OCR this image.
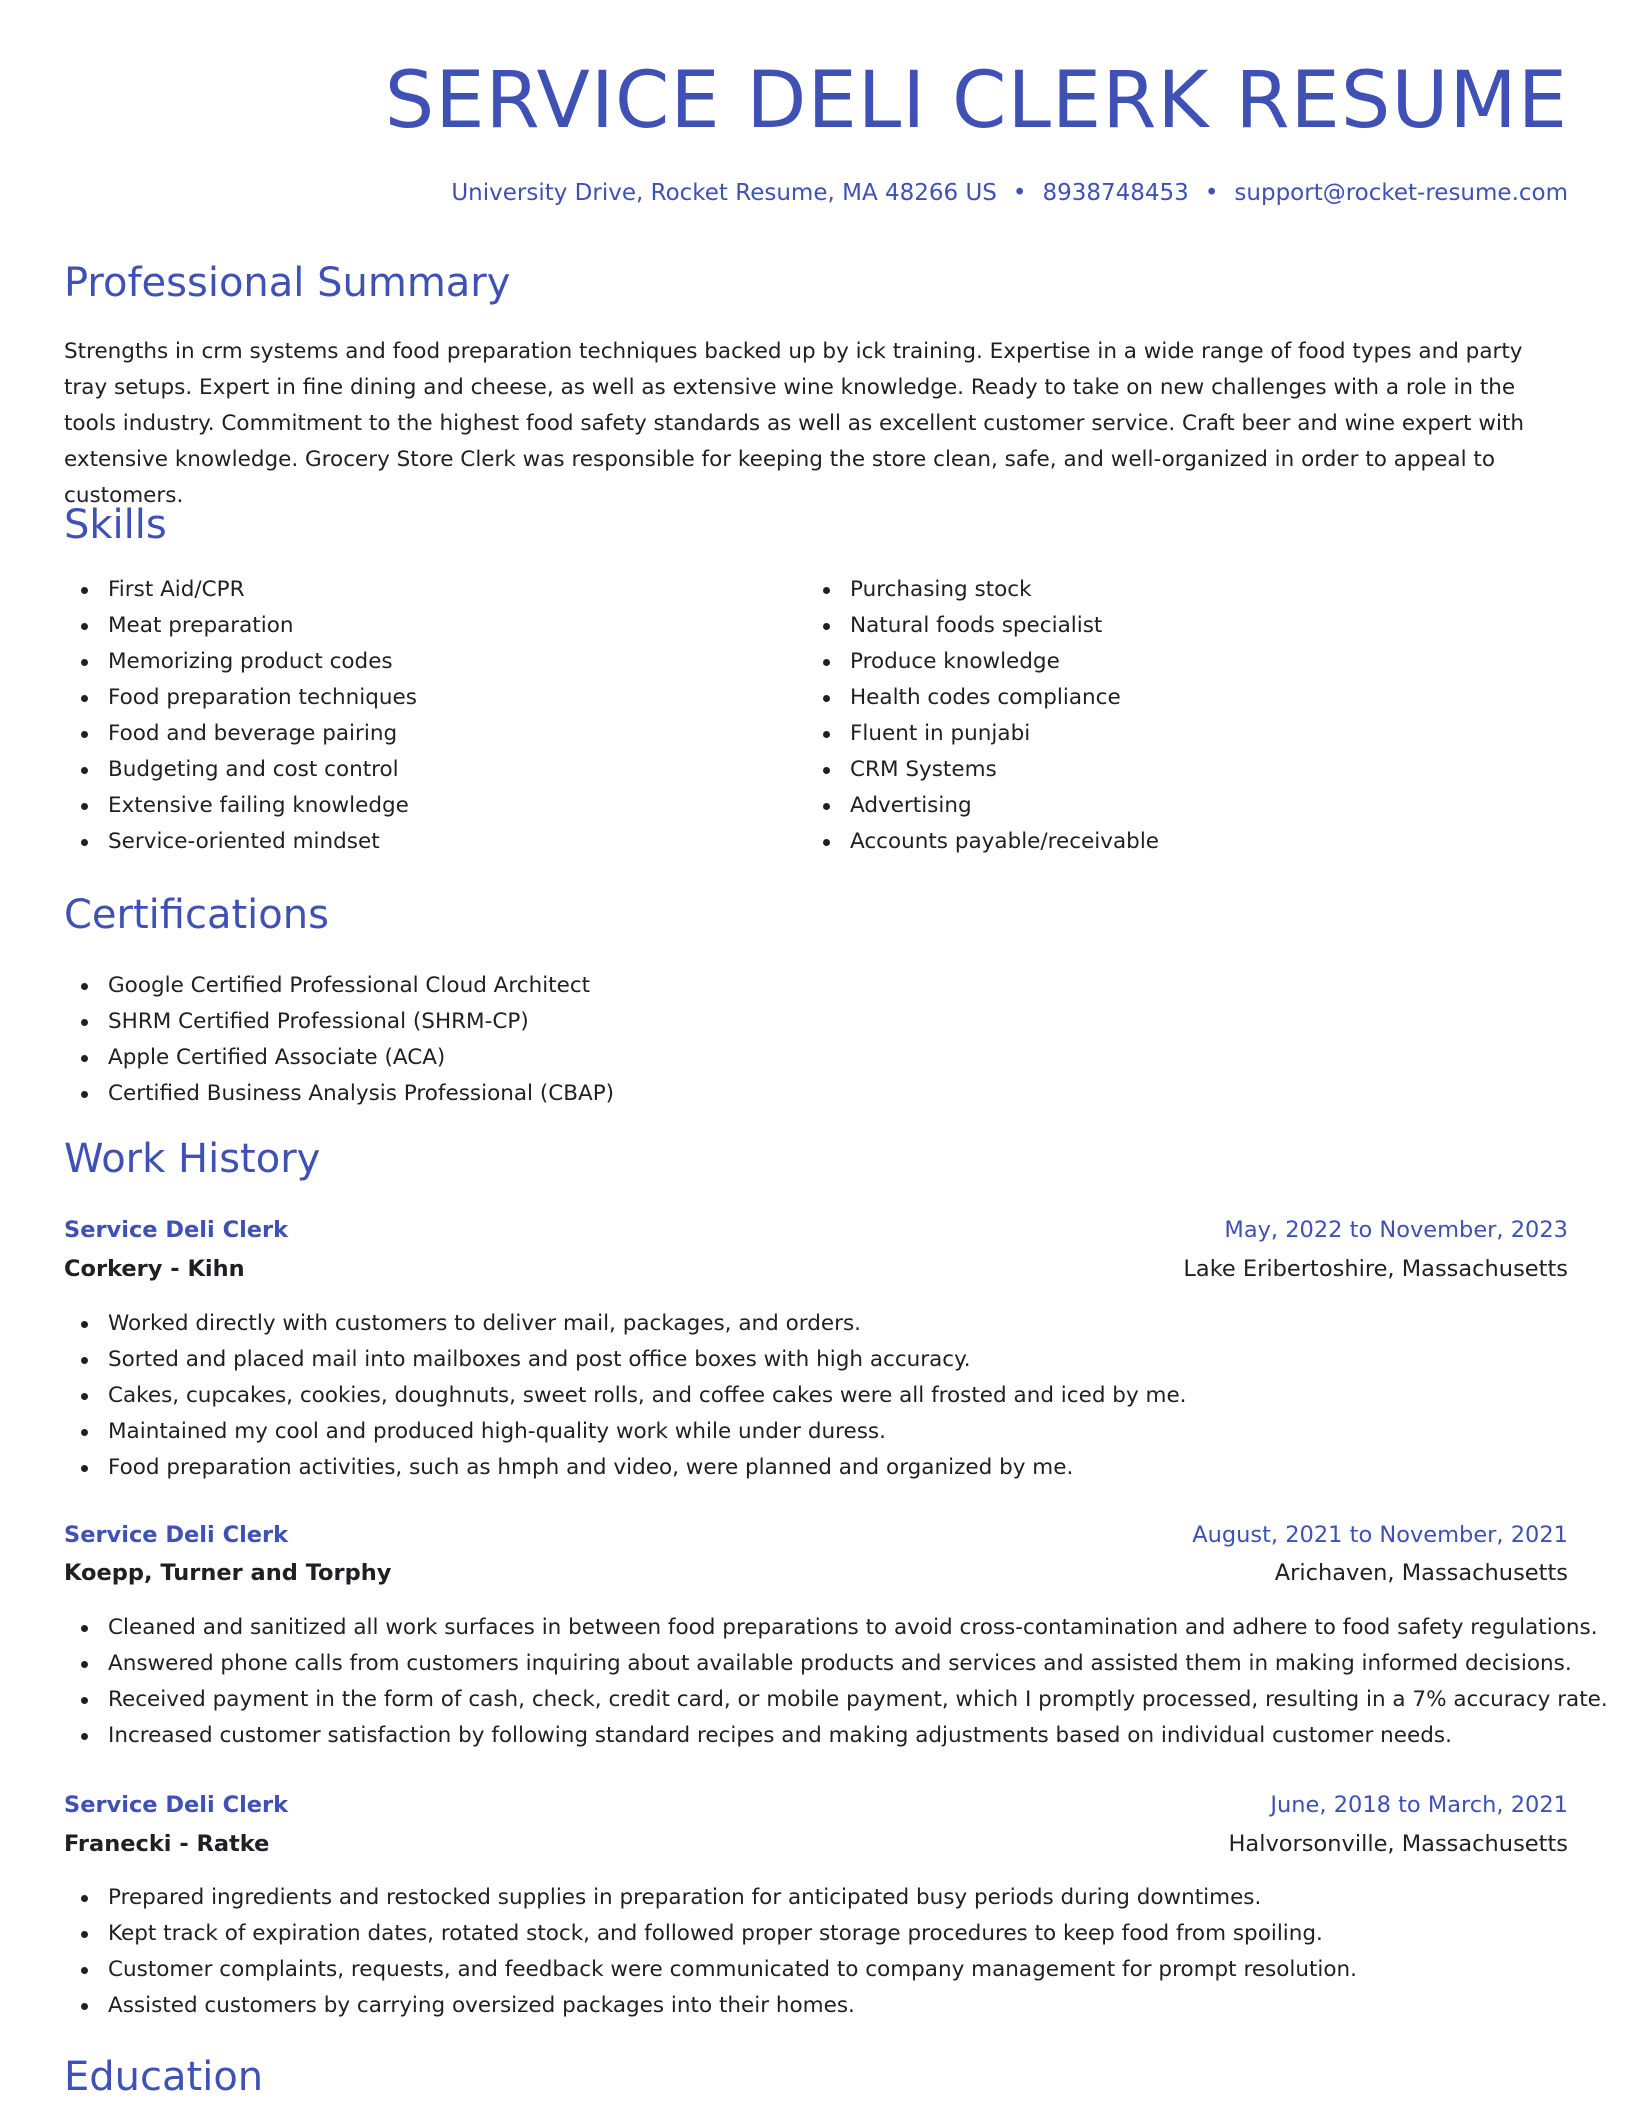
SERVICE DELI CLERK RESUME
University Drive, Rocket Resume, MA 48266 US • 8938748453 • support@rocket-resume.com
Professional Summary

Strengths in crm systems and food preparation techniques backed up by ick training. Expertise in a wide range of food types and party tray setups. Expert in fine dining and cheese, as well as extensive wine knowledge. Ready to take on new challenges with a role in the tools industry. Commitment to the highest food safety standards as well as excellent customer service. Craft beer and wine expert with extensive knowledge. Grocery Store Clerk was responsible for keeping the store clean, safe, and well-organized in order to appeal to customers.

Skills
First Aid/CPR
Meat preparation
Memorizing product codes
Food preparation techniques
Food and beverage pairing
Budgeting and cost control
Extensive failing knowledge
Service-oriented mindset
Purchasing stock
Natural foods specialist
Produce knowledge
Health codes compliance
Fluent in punjabi
CRM Systems
Advertising
Accounts payable/receivable
Certifications
Google Certified Professional Cloud Architect
SHRM Certified Professional (SHRM-CP)
Apple Certified Associate (ACA)
Certified Business Analysis Professional (CBAP)
Work History
Service Deli Clerk	May, 2022 to November, 2023
Corkery - Kihn	Lake Eribertoshire, Massachusetts
Worked directly with customers to deliver mail, packages, and orders.
Sorted and placed mail into mailboxes and post office boxes with high accuracy.
Cakes, cupcakes, cookies, doughnuts, sweet rolls, and coffee cakes were all frosted and iced by me.
Maintained my cool and produced high-quality work while under duress.
Food preparation activities, such as hmph and video, were planned and organized by me.
Service Deli Clerk	August, 2021 to November, 2021
Koepp, Turner and Torphy	Arichaven, Massachusetts
Cleaned and sanitized all work surfaces in between food preparations to avoid cross-contamination and adhere to food safety regulations.
Answered phone calls from customers inquiring about available products and services and assisted them in making informed decisions.
Received payment in the form of cash, check, credit card, or mobile payment, which I promptly processed, resulting in a 7% accuracy rate.
Increased customer satisfaction by following standard recipes and making adjustments based on individual customer needs.
Service Deli Clerk	June, 2018 to March, 2021
Franecki - Ratke	Halvorsonville, Massachusetts
Prepared ingredients and restocked supplies in preparation for anticipated busy periods during downtimes.
Kept track of expiration dates, rotated stock, and followed proper storage procedures to keep food from spoiling.
Customer complaints, requests, and feedback were communicated to company management for prompt resolution.
Assisted customers by carrying oversized packages into their homes.
Education
